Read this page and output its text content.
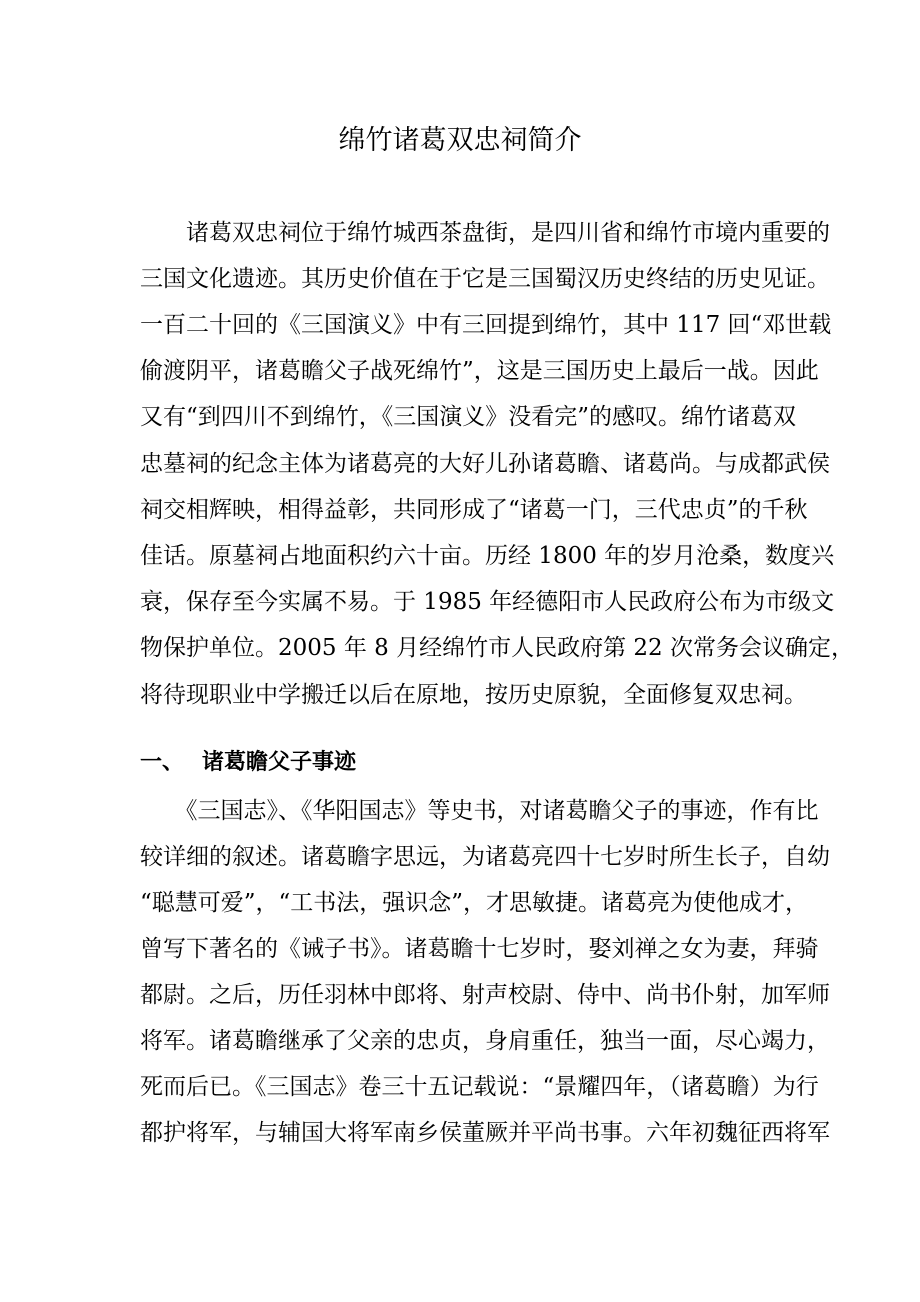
绵竹诸葛双忠祠简介
　　诸葛双忠祠位于绵竹城西茶盘街，是四川省和绵竹市境内重要的
三国文化遗迹。其历史价值在于它是三国蜀汉历史终结的历史见证。
一百二十回的《三国演义》中有三回提到绵竹，其中 117 回“邓世载
偷渡阴平，诸葛瞻父子战死绵竹”，这是三国历史上最后一战。因此
又有“到四川不到绵竹，《三国演义》没看完”的感叹。绵竹诸葛双
忠墓祠的纪念主体为诸葛亮的大好儿孙诸葛瞻、诸葛尚。与成都武侯
祠交相辉映，相得益彰，共同形成了“诸葛一门，三代忠贞”的千秋
佳话。原墓祠占地面积约六十亩。历经 1800 年的岁月沧桑，数度兴
衰，保存至今实属不易。于 1985 年经德阳市人民政府公布为市级文
物保护单位。2005 年 8 月经绵竹市人民政府第 22 次常务会议确定，
将待现职业中学搬迁以后在原地，按历史原貌，全面修复双忠祠。
一、 诸葛瞻父子事迹
　　《三国志》、《华阳国志》等史书，对诸葛瞻父子的事迹，作有比
较详细的叙述。诸葛瞻字思远，为诸葛亮四十七岁时所生长子，自幼
“聪慧可爱”，“工书法，强识念”，才思敏捷。诸葛亮为使他成才，
曾写下著名的《诫子书》。诸葛瞻十七岁时，娶刘禅之女为妻，拜骑
都尉。之后，历任羽林中郎将、射声校尉、侍中、尚书仆射，加军师
将军。诸葛瞻继承了父亲的忠贞，身肩重任，独当一面，尽心竭力，
死而后已。《三国志》卷三十五记载说：“景耀四年，（诸葛瞻）为行
都护将军，与辅国大将军南乡侯董厥并平尚书事。六年初魏征西将军
